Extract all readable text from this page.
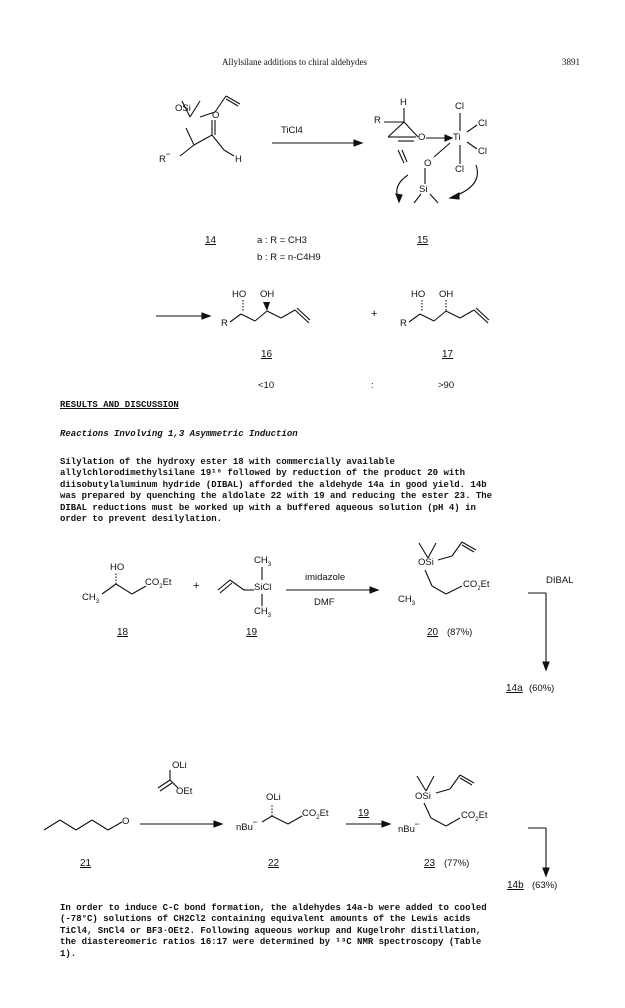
Allylsilane additions to chiral aldehydes	3891
OSi
O
R''''	H
TiCl4
H
R
O	Ti
Cl
Cl
Cl
Cl
O
Si
14	a : R = CH3
b : R = n-C4H9
15
HO OH
R
+
HO OH
R
16	17
<10	:	>90
RESULTS AND DISCUSSION
Reactions Involving 1,3 Asymmetric Induction

Silylation of the hydroxy ester 18 with commercially available

allylchlorodimethylsilane 19¹⁶ followed by reduction of the product 20 with

diisobutylaluminum hydride (DIBAL) afforded the aldehyde 14a in good yield. 14b

was prepared by quenching the aldolate 22 with 19 and reducing the ester 23. The

DIBAL reductions must be worked up with a buffered aqueous solution (pH 4) in

order to prevent desilylation.

HO
$CH_3$
$CO_2Et$ +
$CH_3$
SiCl
$CH_3$
imidazole
DMF
OSi
$CH_3$
$CO_2Et$	DIBAL
18	19	20 (87%)
14a (60%)
O
OLi
OEt
OLi
nBu''''
$CO_2Et$	19
OSi
nBu''''
$CO_2Et$
21	22	23 (77%)
14b (63%)

In order to induce C-C bond formation, the aldehydes 14a-b were added to cooled

(-78°C) solutions of CH2Cl2 containing equivalent amounts of the Lewis acids

TiCl4, SnCl4 or BF3·OEt2. Following aqueous workup and Kugelrohr distillation,

the diastereomeric ratios 16:17 were determined by ¹³C NMR spectroscopy (Table

1).
